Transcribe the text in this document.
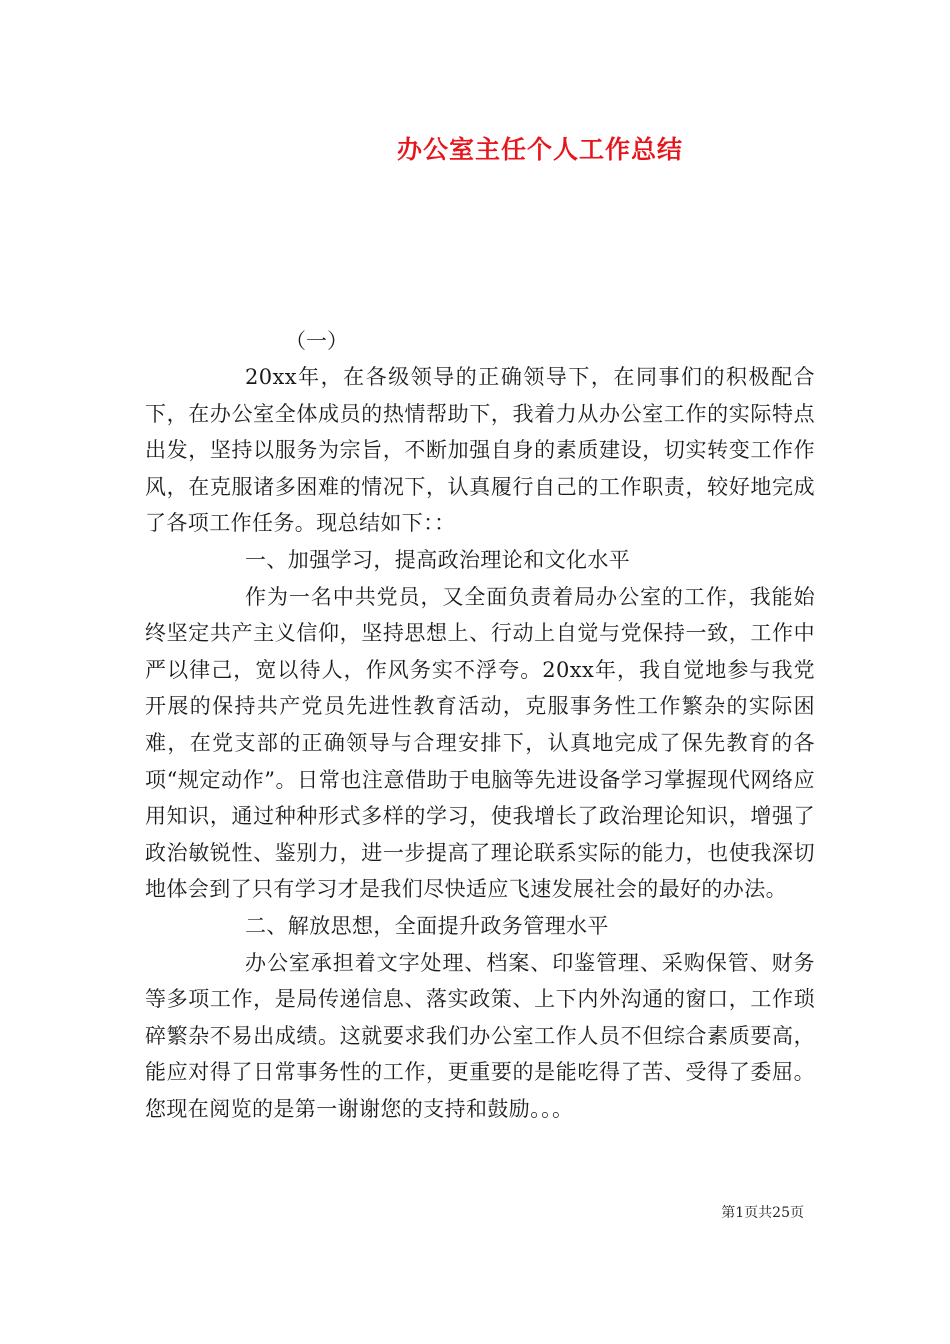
办公室主任个人工作总结

（一）

20xx年，在各级领导的正确领导下，在同事们的积极配合下，在办公室全体成员的热情帮助下，我着力从办公室工作的实际特点出发，坚持以服务为宗旨，不断加强自身的素质建设，切实转变工作作风，在克服诸多困难的情况下，认真履行自己的工作职责，较好地完成了各项工作任务。现总结如下：：

一、加强学习，提高政治理论和文化水平

作为一名中共党员，又全面负责着局办公室的工作，我能始终坚定共产主义信仰，坚持思想上、行动上自觉与党保持一致，工作中严以律己，宽以待人，作风务实不浮夸。20xx年，我自觉地参与我党开展的保持共产党员先进性教育活动，克服事务性工作繁杂的实际困难，在党支部的正确领导与合理安排下，认真地完成了保先教育的各项“规定动作”。日常也注意借助于电脑等先进设备学习掌握现代网络应用知识，通过种种形式多样的学习，使我增长了政治理论知识，增强了政治敏锐性、鉴别力，进一步提高了理论联系实际的能力，也使我深切地体会到了只有学习才是我们尽快适应飞速发展社会的最好的办法。

二、解放思想，全面提升政务管理水平

办公室承担着文字处理、档案、印鉴管理、采购保管、财务等多项工作，是局传递信息、落实政策、上下内外沟通的窗口，工作琐碎繁杂不易出成绩。这就要求我们办公室工作人员不但综合素质要高，能应对得了日常事务性的工作，更重要的是能吃得了苦、受得了委屈。您现在阅览的是第一谢谢您的支持和鼓励。。。

第1页共25页
